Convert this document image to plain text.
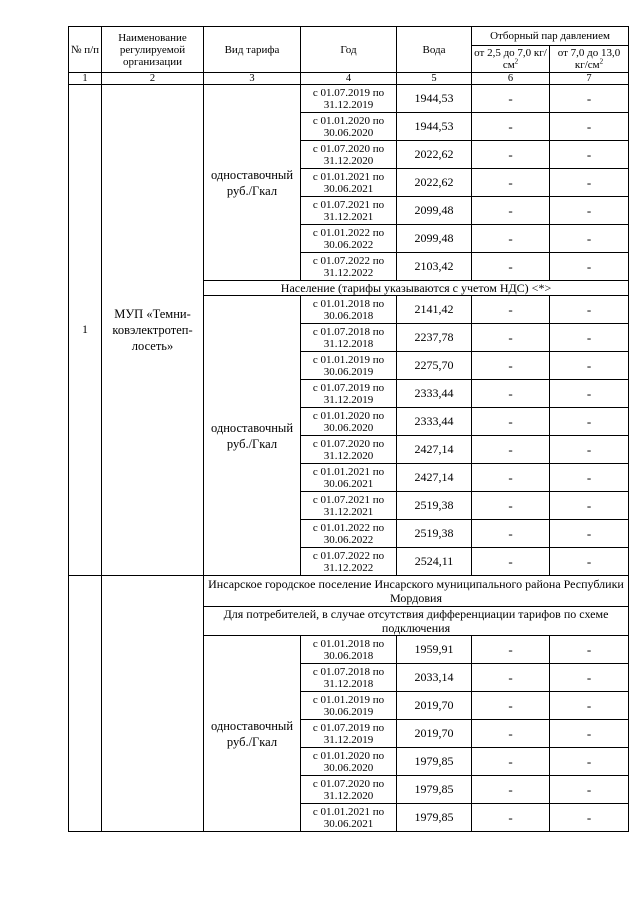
№ п/п	Наименование регулируемой организации	Вид тарифа	Год	Вода	Отборный пар давлением	
					от 2,5 до 7,0 $кг/см^2$	от 7,0 до 13,0 $кг/см^2$
1	2	3	4	5	6	7
1	МУП «Темниковэлектротеплосеть»	одноставочный руб./Гкал	с 01.07.2019 по 31.12.2019	1944,53	-	-
			с 01.01.2020 по 30.06.2020	1944,53	-	-
			с 01.07.2020 по 31.12.2020	2022,62	-	-
			с 01.01.2021 по 30.06.2021	2022,62	-	-
			с 01.07.2021 по 31.12.2021	2099,48	-	-
			с 01.01.2022 по 30.06.2022	2099,48	-	-
			с 01.07.2022 по 31.12.2022	2103,42	-	-
		Население (тарифы указываются с учетом НДС) <*>				
		одноставочный руб./Гкал	с 01.01.2018 по 30.06.2018	2141,42	-	-
			с 01.07.2018 по 31.12.2018	2237,78	-	-
			с 01.01.2019 по 30.06.2019	2275,70	-	-
			с 01.07.2019 по 31.12.2019	2333,44	-	-
			с 01.01.2020 по 30.06.2020	2333,44	-	-
			с 01.07.2020 по 31.12.2020	2427,14	-	-
			с 01.01.2021 по 30.06.2021	2427,14	-	-
			с 01.07.2021 по 31.12.2021	2519,38	-	-
			с 01.01.2022 по 30.06.2022	2519,38	-	-
			с 01.07.2022 по 31.12.2022	2524,11	-	-
		Инсарское городское поселение Инсарского муниципального района Республики Мордовия				
		Для потребителей, в случае отсутствия дифференциации тарифов по схеме подключения				
		одноставочный руб./Гкал	с 01.01.2018 по 30.06.2018	1959,91	-	-
			с 01.07.2018 по 31.12.2018	2033,14	-	-
			с 01.01.2019 по 30.06.2019	2019,70	-	-
			с 01.07.2019 по 31.12.2019	2019,70	-	-
			с 01.01.2020 по 30.06.2020	1979,85	-	-
			с 01.07.2020 по 31.12.2020	1979,85	-	-
			с 01.01.2021 по 30.06.2021	1979,85	-	-
